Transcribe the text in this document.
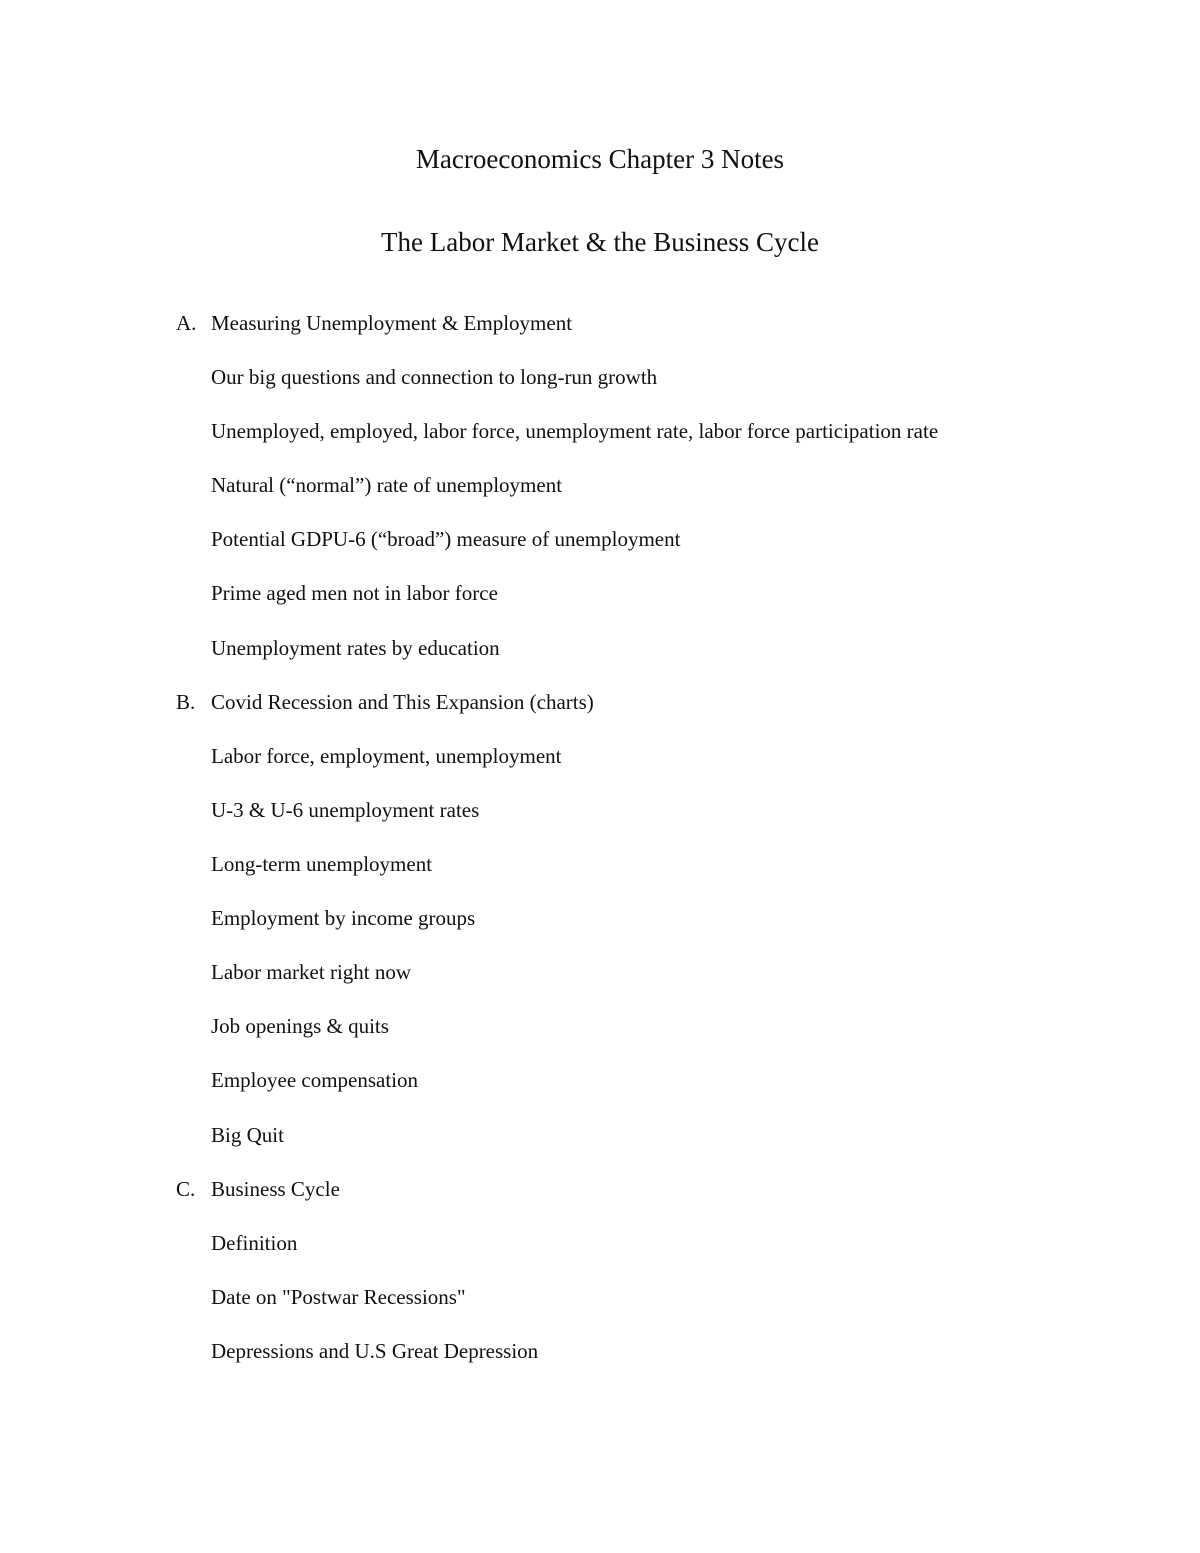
Macroeconomics Chapter 3 Notes
The Labor Market & the Business Cycle
A. Measuring Unemployment & Employment
Our big questions and connection to long-run growth
Unemployed, employed, labor force, unemployment rate, labor force participation rate
Natural (“normal”) rate of unemployment
Potential GDPU-6 (“broad”) measure of unemployment
Prime aged men not in labor force
Unemployment rates by education
B. Covid Recession and This Expansion (charts)
Labor force, employment, unemployment
U-3 & U-6 unemployment rates
Long-term unemployment
Employment by income groups
Labor market right now
Job openings & quits
Employee compensation
Big Quit
C. Business Cycle
Definition
Date on "Postwar Recessions"
Depressions and U.S Great Depression
